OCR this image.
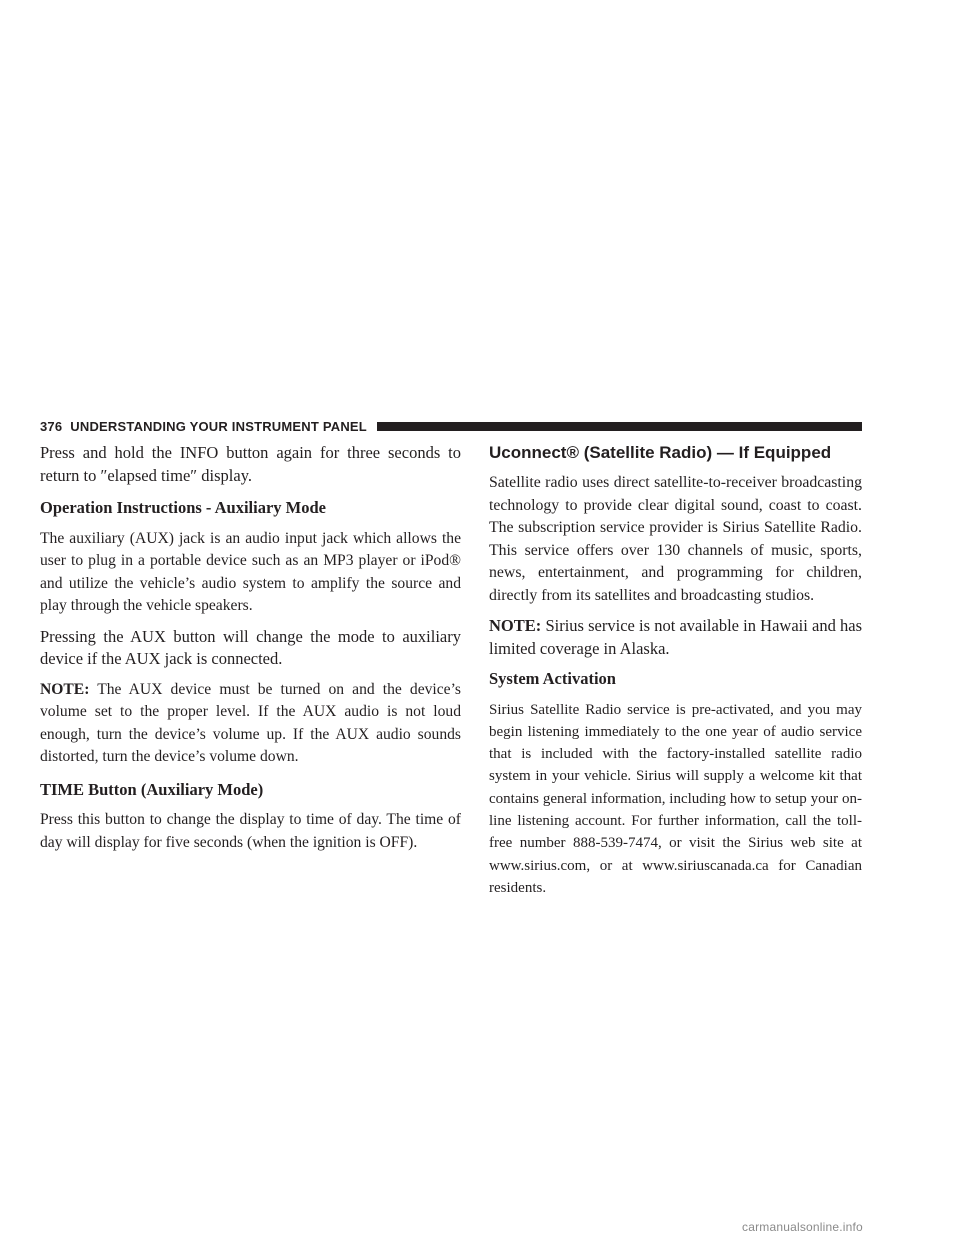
376 UNDERSTANDING YOUR INSTRUMENT PANEL

Press and hold the INFO button again for three seconds to return to ″elapsed time″ display.

Operation Instructions - Auxiliary Mode

The auxiliary (AUX) jack is an audio input jack which allows the user to plug in a portable device such as an MP3 player or iPod® and utilize the vehicle’s audio system to amplify the source and play through the vehicle speakers.

Pressing the AUX button will change the mode to auxiliary device if the AUX jack is connected.

NOTE: The AUX device must be turned on and the device’s volume set to the proper level. If the AUX audio is not loud enough, turn the device’s volume up. If the AUX audio sounds distorted, turn the device’s volume down.

TIME Button (Auxiliary Mode)

Press this button to change the display to time of day. The time of day will display for five seconds (when the ignition is OFF).

Uconnect® (Satellite Radio) — If Equipped

Satellite radio uses direct satellite-to-receiver broadcasting technology to provide clear digital sound, coast to coast. The subscription service provider is Sirius Satellite Radio. This service offers over 130 channels of music, sports, news, entertainment, and programming for children, directly from its satellites and broadcasting studios.

NOTE: Sirius service is not available in Hawaii and has limited coverage in Alaska.

System Activation

Sirius Satellite Radio service is pre-activated, and you may begin listening immediately to the one year of audio service that is included with the factory-installed satellite radio system in your vehicle. Sirius will supply a welcome kit that contains general information, including how to setup your on-line listening account. For further information, call the toll-free number 888-539-7474, or visit the Sirius web site at www.sirius.com, or at www.siriuscanada.ca for Canadian residents.

carmanualsonline.info
